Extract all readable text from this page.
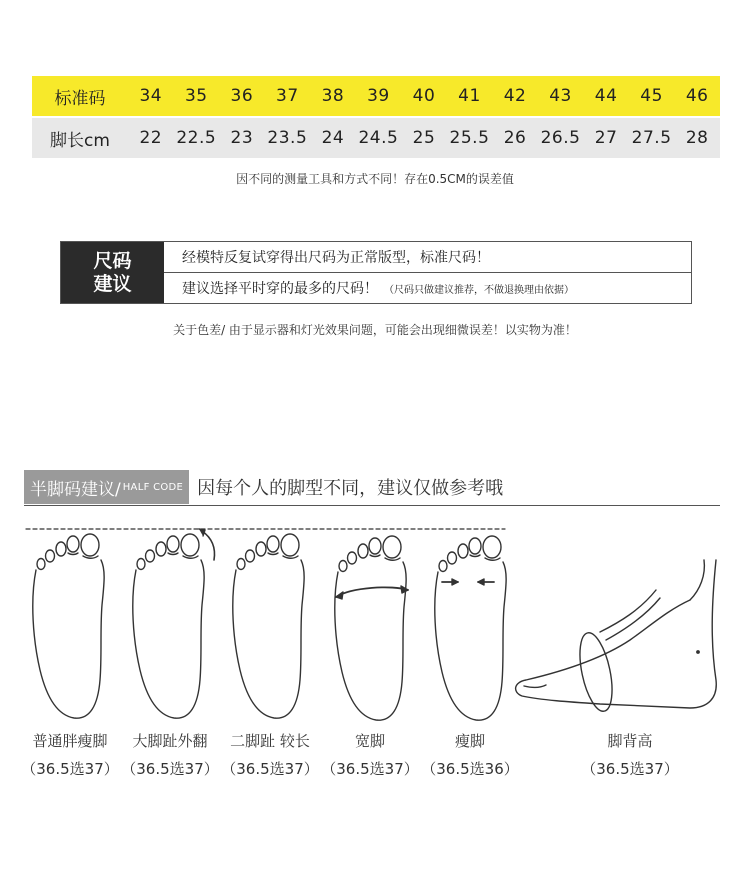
标准码	34	35	36	37	38	39	40	41	42	43	44	45	46
脚长cm	22 22.5 23 23.5 24 24.5 25 25.5 26 26.5 27 27.5 28
因不同的测量工具和方式不同！存在0.5CM的误差值
尺码
建议
经模特反复试穿得出尺码为正常版型，标准尺码！
建议选择平时穿的最多的尺码！ （尺码只做建议推荐，不做退换理由依据）
关于色差/ 由于显示器和灯光效果问题，可能会出现细微误差！以实物为准！
半脚码建议/ HALF CODE 因每个人的脚型不同，建议仅做参考哦
普通胖瘦脚
（36.5选37）
大脚趾外翻
（36.5选37）
二脚趾 较长
（36.5选37）
宽脚
（36.5选37）
瘦脚
（36.5选36）
脚背高
（36.5选37）
